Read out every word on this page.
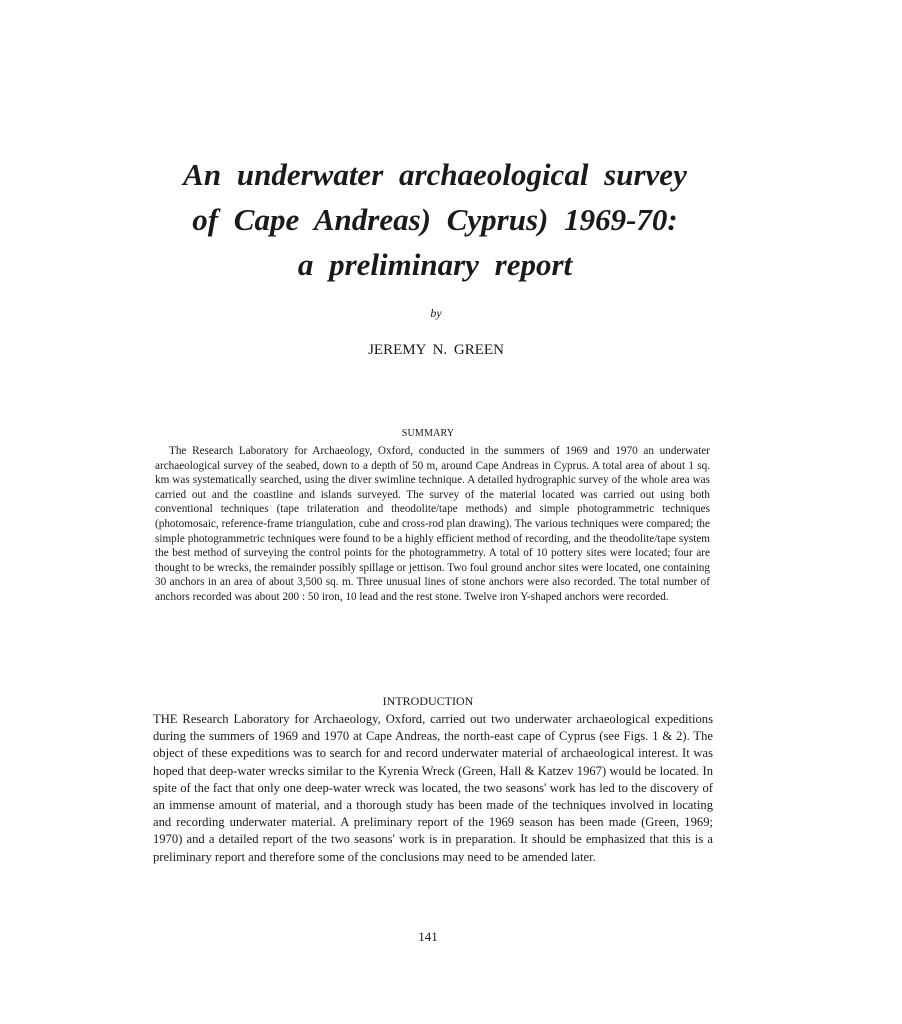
An underwater archaeological survey
of Cape Andreas) Cyprus) 1969-70:
a preliminary report
by
JEREMY N. GREEN
SUMMARY

The Research Laboratory for Archaeology, Oxford, conducted in the summers of 1969 and 1970 an underwater archaeological survey of the seabed, down to a depth of 50 m, around Cape Andreas in Cyprus. A total area of about 1 sq. km was systematically searched, using the diver swimline technique. A detailed hydrographic survey of the whole area was carried out and the coastline and islands surveyed. The survey of the material located was carried out using both conventional techniques (tape trilateration and theodolite/tape methods) and simple photogrammetric techniques (photomosaic, reference-frame triangulation, cube and cross-rod plan drawing). The various techniques were compared; the simple photogrammetric techniques were found to be a highly efficient method of recording, and the theodolite/tape system the best method of surveying the control points for the photogrammetry. A total of 10 pottery sites were located; four are thought to be wrecks, the remainder possibly spillage or jettison. Two foul ground anchor sites were located, one containing 30 anchors in an area of about 3,500 sq. m. Three unusual lines of stone anchors were also recorded. The total number of anchors recorded was about 200 : 50 iron, 10 lead and the rest stone. Twelve iron Y-shaped anchors were recorded.

INTRODUCTION

THE Research Laboratory for Archaeology, Oxford, carried out two underwater archaeological expeditions during the summers of 1969 and 1970 at Cape Andreas, the north-east cape of Cyprus (see Figs. 1 & 2). The object of these expeditions was to search for and record underwater material of archaeological interest. It was hoped that deep-water wrecks similar to the Kyrenia Wreck (Green, Hall & Katzev 1967) would be located. In spite of the fact that only one deep-water wreck was located, the two seasons' work has led to the discovery of an immense amount of material, and a thorough study has been made of the techniques involved in locating and recording underwater material. A preliminary report of the 1969 season has been made (Green, 1969; 1970) and a detailed report of the two seasons' work is in preparation. It should be emphasized that this is a preliminary report and therefore some of the conclusions may need to be amended later.

141
